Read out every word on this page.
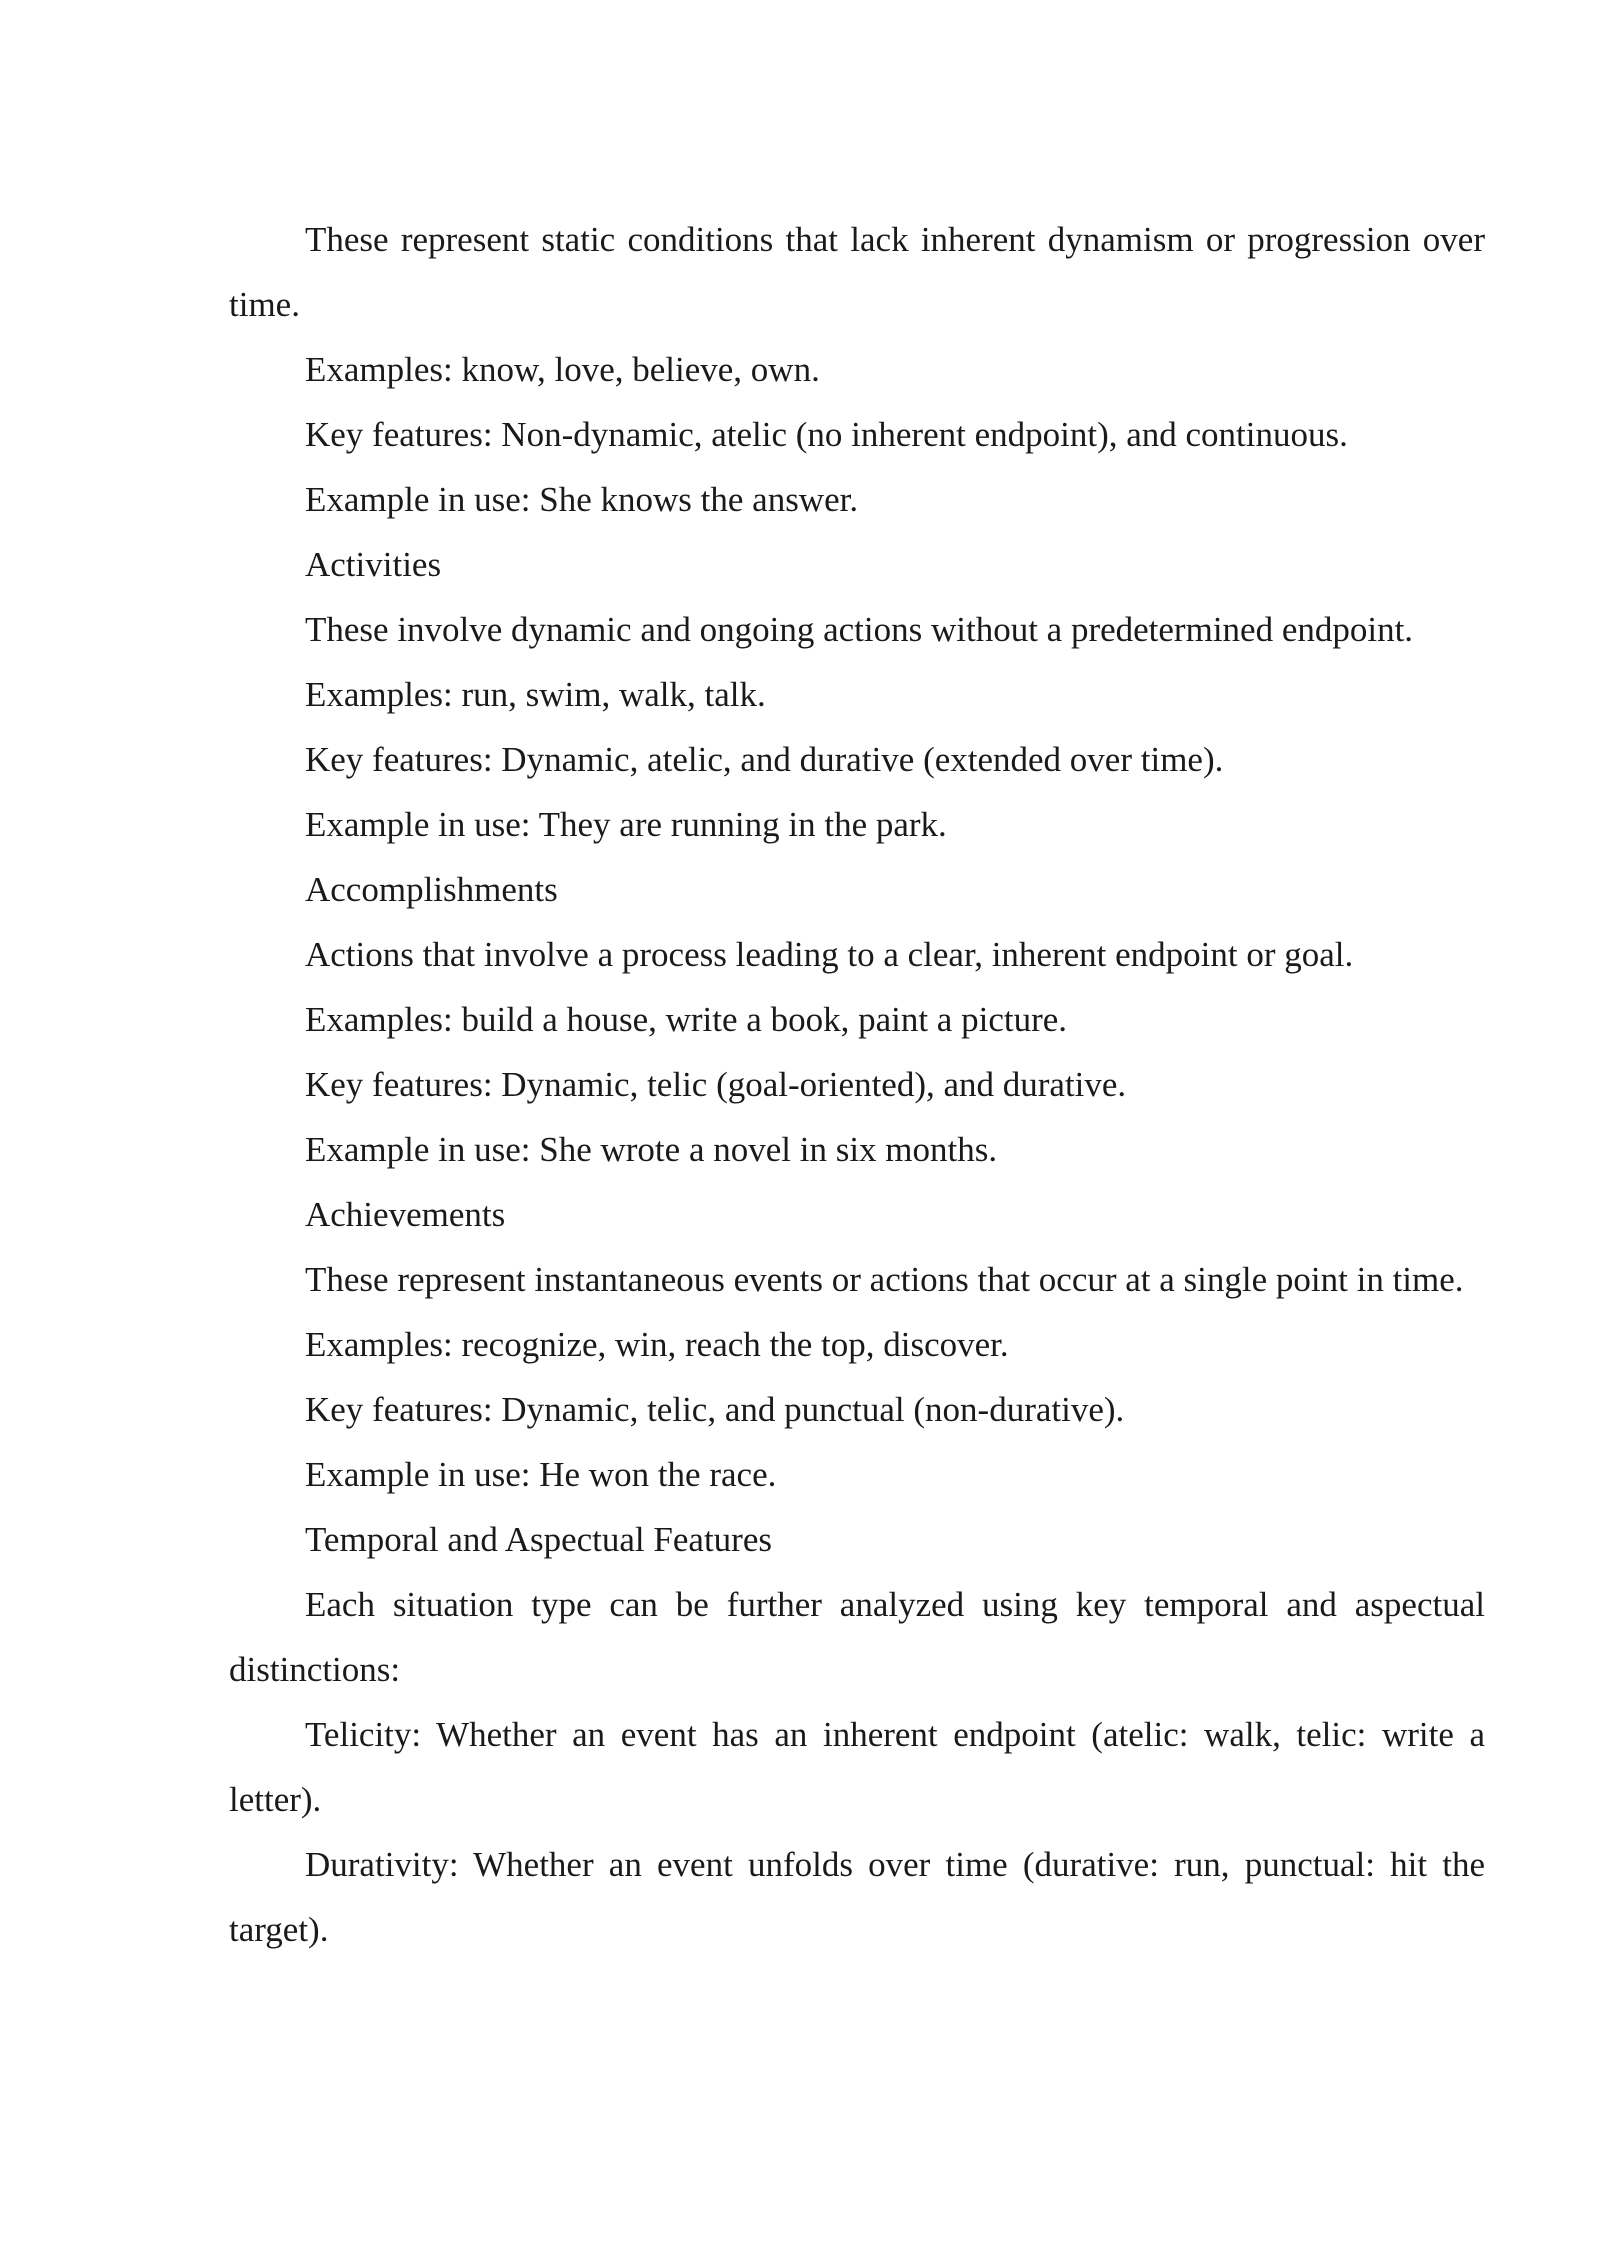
These represent static conditions that lack inherent dynamism or progression over time.

Examples: know, love, believe, own.

Key features: Non-dynamic, atelic (no inherent endpoint), and continuous.

Example in use: She knows the answer.

Activities

These involve dynamic and ongoing actions without a predetermined endpoint.

Examples: run, swim, walk, talk.

Key features: Dynamic, atelic, and durative (extended over time).

Example in use: They are running in the park.

Accomplishments

Actions that involve a process leading to a clear, inherent endpoint or goal.

Examples: build a house, write a book, paint a picture.

Key features: Dynamic, telic (goal-oriented), and durative.

Example in use: She wrote a novel in six months.

Achievements

These represent instantaneous events or actions that occur at a single point in time.

Examples: recognize, win, reach the top, discover.

Key features: Dynamic, telic, and punctual (non-durative).

Example in use: He won the race.

Temporal and Aspectual Features

Each situation type can be further analyzed using key temporal and aspectual distinctions:

Telicity: Whether an event has an inherent endpoint (atelic: walk, telic: write a letter).

Durativity: Whether an event unfolds over time (durative: run, punctual: hit the target).
